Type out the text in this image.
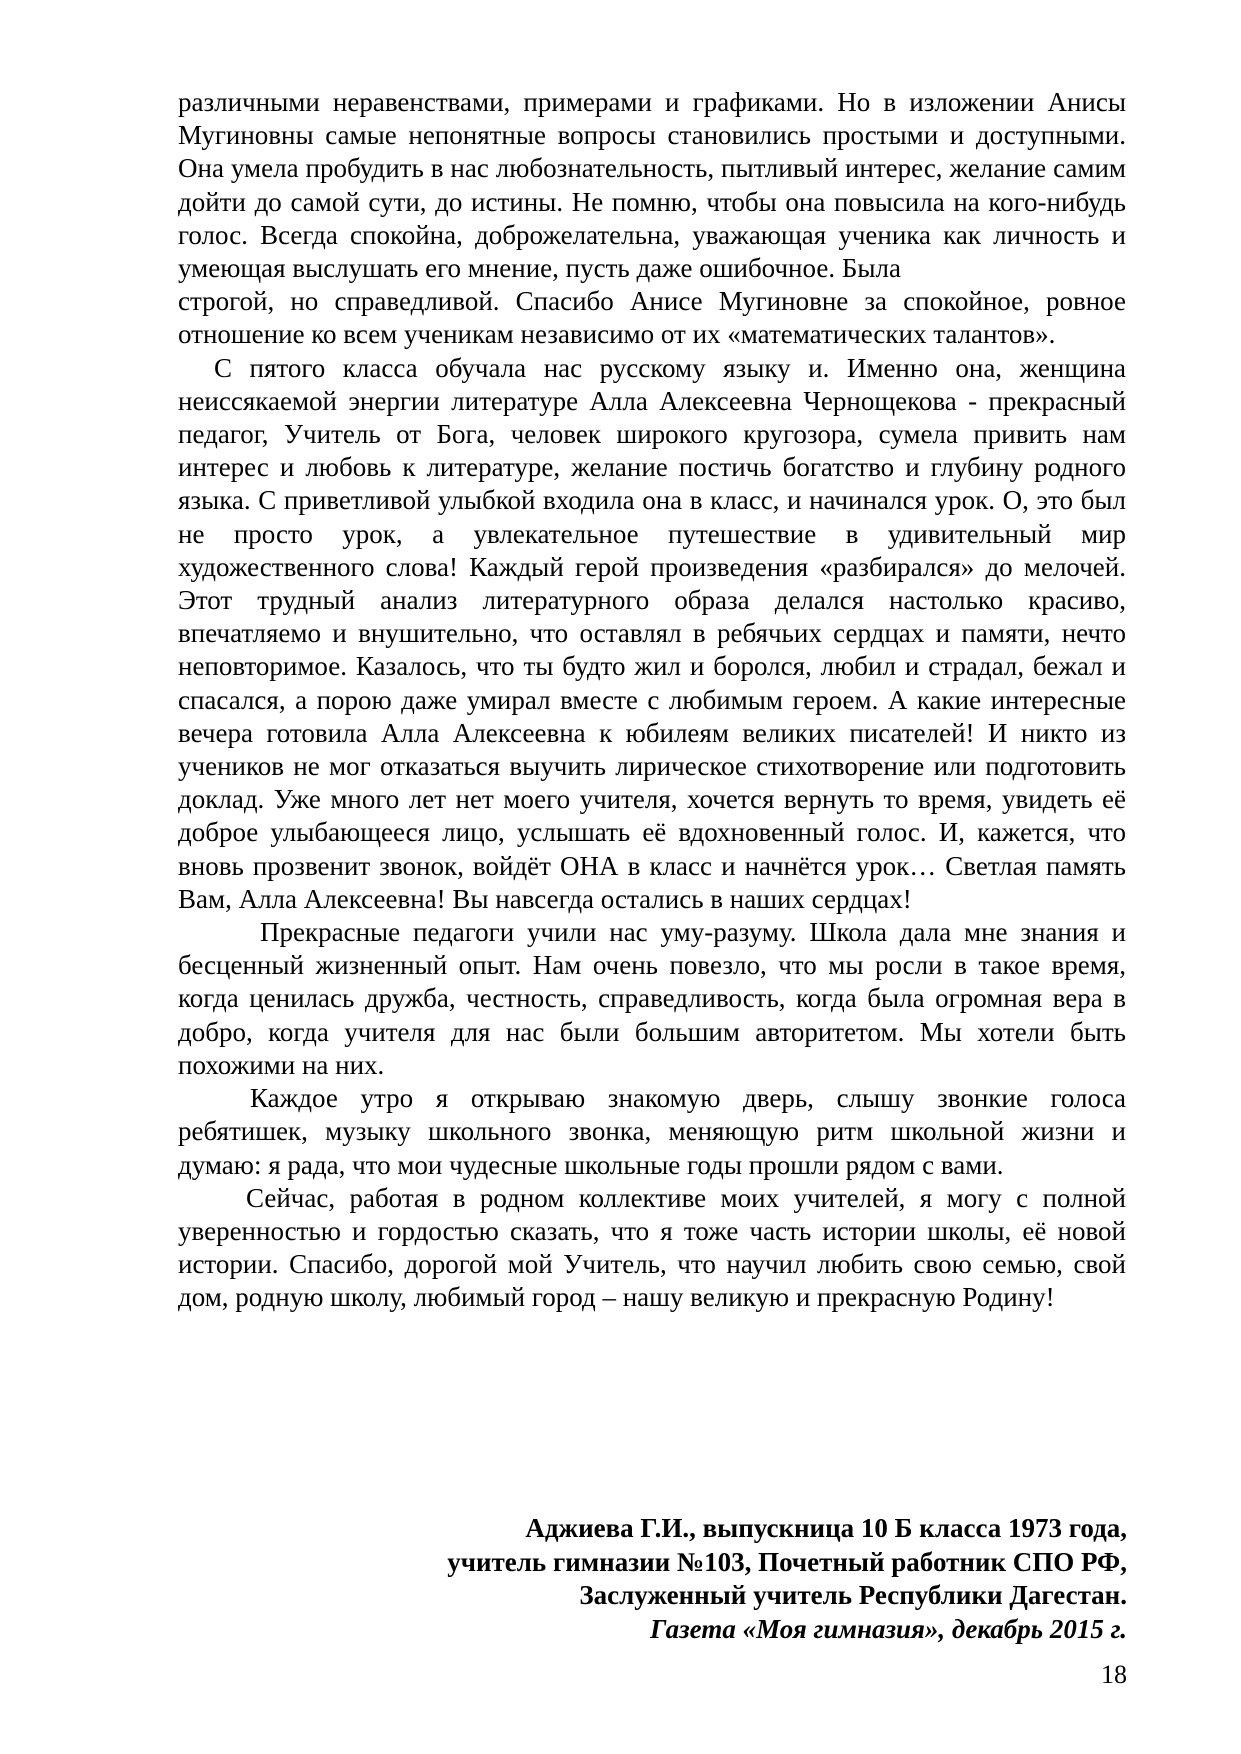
различными неравенствами, примерами и графиками. Но в изложении Анисы Мугиновны самые непонятные вопросы становились простыми и доступными. Она умела пробудить в нас любознательность, пытливый интерес, желание самим дойти до самой сути, до истины. Не помню, чтобы она повысила на кого-нибудь голос. Всегда спокойна, доброжелательна, уважающая ученика как личность и умеющая выслушать его мнение, пусть даже ошибочное. Была

строгой, но справедливой. Спасибо Анисе Мугиновне за спокойное, ровное отношение ко всем ученикам независимо от их «математических талантов».

С пятого класса обучала нас русскому языку и. Именно она, женщина неиссякаемой энергии литературе Алла Алексеевна Чернощекова - прекрасный педагог, Учитель от Бога, человек широкого кругозора, сумела привить нам интерес и любовь к литературе, желание постичь богатство и глубину родного языка. С приветливой улыбкой входила она в класс, и начинался урок. О, это был не просто урок, а увлекательное путешествие в удивительный мир художественного слова! Каждый герой произведения «разбирался» до мелочей. Этот трудный анализ литературного образа делался настолько красиво, впечатляемо и внушительно, что оставлял в ребячьих сердцах и памяти, нечто неповторимое. Казалось, что ты будто жил и боролся, любил и страдал, бежал и спасался, а порою даже умирал вместе с любимым героем. А какие интересные вечера готовила Алла Алексеевна к юбилеям великих писателей! И никто из учеников не мог отказаться выучить лирическое стихотворение или подготовить доклад. Уже много лет нет моего учителя, хочется вернуть то время, увидеть её доброе улыбающееся лицо, услышать её вдохновенный голос. И, кажется, что вновь прозвенит звонок, войдёт ОНА в класс и начнётся урок… Светлая память Вам, Алла Алексеевна! Вы навсегда остались в наших сердцах!

Прекрасные педагоги учили нас уму-разуму. Школа дала мне знания и бесценный жизненный опыт. Нам очень повезло, что мы росли в такое время, когда ценилась дружба, честность, справедливость, когда была огромная вера в добро, когда учителя для нас были большим авторитетом. Мы хотели быть похожими на них.

Каждое утро я открываю знакомую дверь, слышу звонкие голоса ребятишек, музыку школьного звонка, меняющую ритм школьной жизни и думаю: я рада, что мои чудесные школьные годы прошли рядом с вами.

Сейчас, работая в родном коллективе моих учителей, я могу с полной уверенностью и гордостью сказать, что я тоже часть истории школы, её новой истории. Спасибо, дорогой мой Учитель, что научил любить свою семью, свой дом, родную школу, любимый город – нашу великую и прекрасную Родину!

Аджиева Г.И., выпускница 10 Б класса 1973 года,
учитель гимназии №103, Почетный работник СПО РФ,
Заслуженный учитель Республики Дагестан.
Газета «Моя гимназия», декабрь 2015 г.
18
